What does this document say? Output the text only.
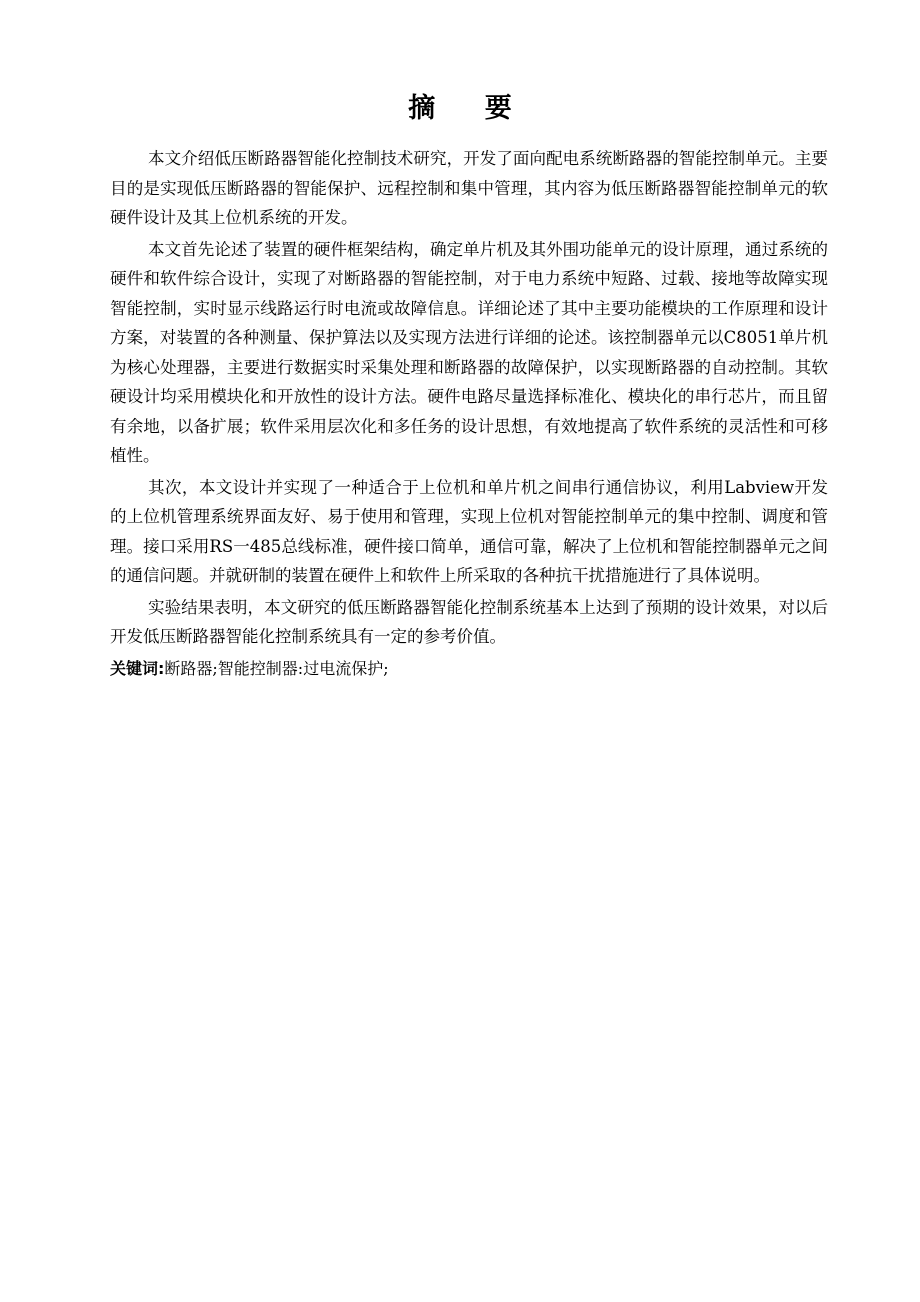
摘 要

本文介绍低压断路器智能化控制技术研究，开发了面向配电系统断路器的智能控制单元。主要目的是实现低压断路器的智能保护、远程控制和集中管理，其内容为低压断路器智能控制单元的软硬件设计及其上位机系统的开发。

本文首先论述了装置的硬件框架结构，确定单片机及其外围功能单元的设计原理，通过系统的硬件和软件综合设计，实现了对断路器的智能控制，对于电力系统中短路、过载、接地等故障实现智能控制，实时显示线路运行时电流或故障信息。详细论述了其中主要功能模块的工作原理和设计方案，对装置的各种测量、保护算法以及实现方法进行详细的论述。该控制器单元以C8051单片机为核心处理器，主要进行数据实时采集处理和断路器的故障保护，以实现断路器的自动控制。其软硬设计均采用模块化和开放性的设计方法。硬件电路尽量选择标准化、模块化的串行芯片，而且留有余地，以备扩展；软件采用层次化和多任务的设计思想，有效地提高了软件系统的灵活性和可移植性。

其次，本文设计并实现了一种适合于上位机和单片机之间串行通信协议，利用Labview开发的上位机管理系统界面友好、易于使用和管理，实现上位机对智能控制单元的集中控制、调度和管理。接口采用RS一485总线标准，硬件接口简单，通信可靠，解决了上位机和智能控制器单元之间的通信问题。并就研制的装置在硬件上和软件上所采取的各种抗干扰措施进行了具体说明。

实验结果表明，本文研究的低压断路器智能化控制系统基本上达到了预期的设计效果，对以后开发低压断路器智能化控制系统具有一定的参考价值。

关键词:断路器;智能控制器:过电流保护;
